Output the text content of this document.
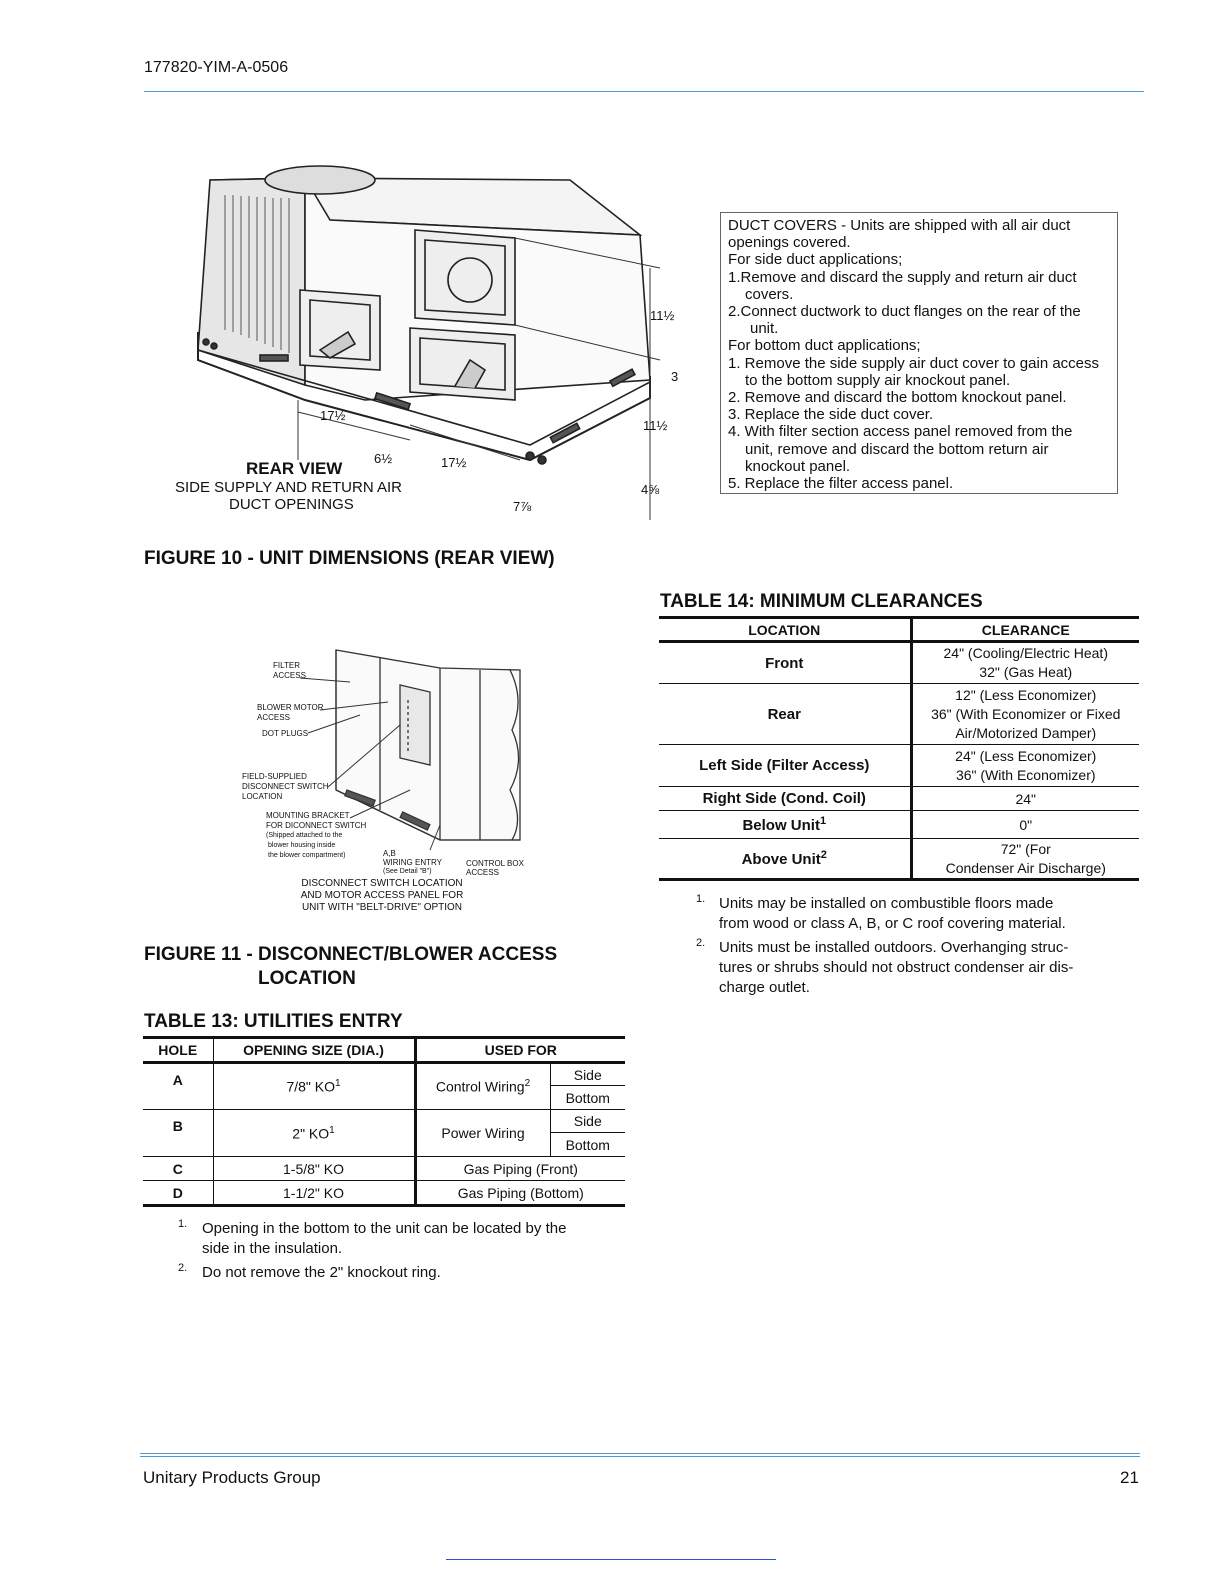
177820-YIM-A-0506
11½
3
11½
4⅝
17½
6½	17½
7⅞
REAR VIEW
SIDE SUPPLY AND RETURN AIR
DUCT OPENINGS
DUCT COVERS - Units are shipped with all air duct
openings covered.
For side duct applications;
1.Remove and discard the supply and return air duct
covers.
2.Connect ductwork to duct flanges on the rear of the
unit.
For bottom duct applications;
1. Remove the side supply air duct cover to gain access
to the bottom supply air knockout panel.
2. Remove and discard the bottom knockout panel.
3. Replace the side duct cover.
4. With filter section access panel removed from the
unit, remove and discard the bottom return air
knockout panel.
5. Replace the filter access panel.
FIGURE 10 - UNIT DIMENSIONS (REAR VIEW)
FILTER
ACCESS
BLOWER MOTOR
ACCESS
DOT PLUGS
FIELD-SUPPLIED
DISCONNECT SWITCH
LOCATION
MOUNTING BRACKET
FOR DICONNECT SWITCH
(Shipped attached to the
blower housing inside
the blower compartment)	A,B
WIRING ENTRY
(See Detail "B")
CONTROL BOX
ACCESS
DISCONNECT SWITCH LOCATION
AND MOTOR ACCESS PANEL FOR
UNIT WITH "BELT-DRIVE" OPTION
FIGURE 11 - DISCONNECT/BLOWER ACCESS
LOCATION
TABLE 13: UTILITIES ENTRY
HOLE	OPENING SIZE (DIA.)	USED FOR	
A	7/8" $KO^1$	Control Wiring$^2$	Side
			Bottom
B	2" $KO^1$	Power Wiring	Side
			Bottom
C	1-5/8" KO	Gas Piping (Front)	
D	1-1/2" KO	Gas Piping (Bottom)	
1. Opening in the bottom to the unit can be located by the
side in the insulation.
2. Do not remove the 2" knockout ring.
TABLE 14: MINIMUM CLEARANCES
LOCATION	CLEARANCE
Front	24" (Cooling/Electric Heat)
32" (Gas Heat)

Rear	12" (Less Economizer)
36" (With Economizer or Fixed
Air/Motorized Damper)

Left Side (Filter Access)	24" (Less Economizer)
36" (With Economizer)

Right Side (Cond. Coil)	24"
Below Unit$^1$	0"
Above Unit$^2$	72" (For
Condenser Air Discharge)
1. Units may be installed on combustible floors made
from wood or class A, B, or C roof covering material.
2. Units must be installed outdoors. Overhanging struc-
tures or shrubs should not obstruct condenser air dis-
charge outlet.
Unitary Products Group	21
